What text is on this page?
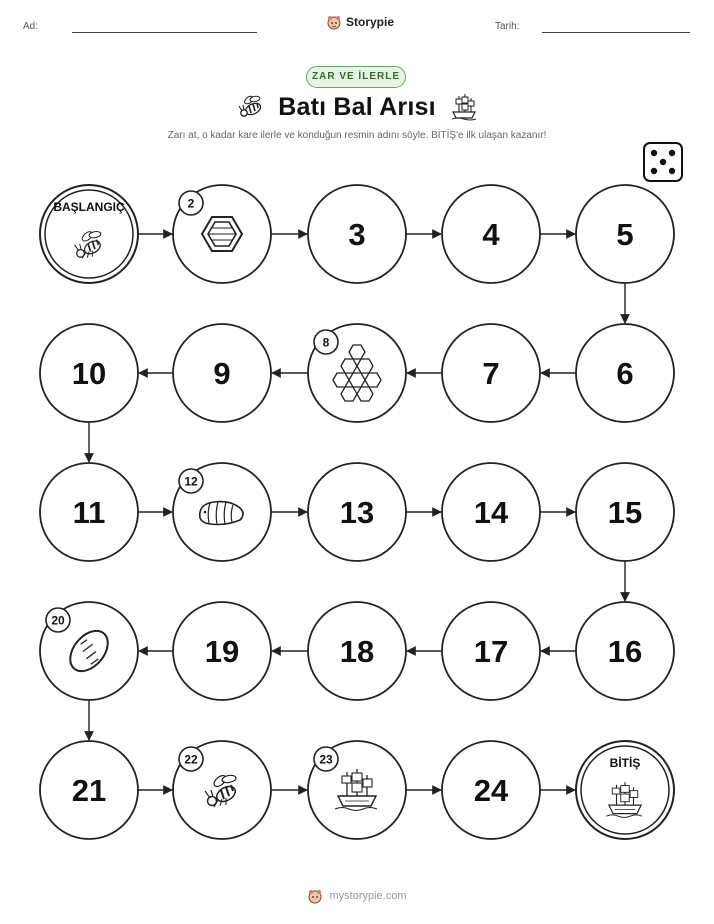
Ad:	Storypie	Tarih:
ZAR VE İLERLE
Batı Bal Arısı
Zarı at, o kadar kare ilerle ve konduğun resmin adını söyle. BİTİŞ'e ilk ulaşan kazanır!
BAŞLANGIÇ	2
3	4	5
6
7
8
9
10
11
12
13	14	15
16
17
18
19
20
21
22	23
24
BİTİŞ
mystorypie.com
